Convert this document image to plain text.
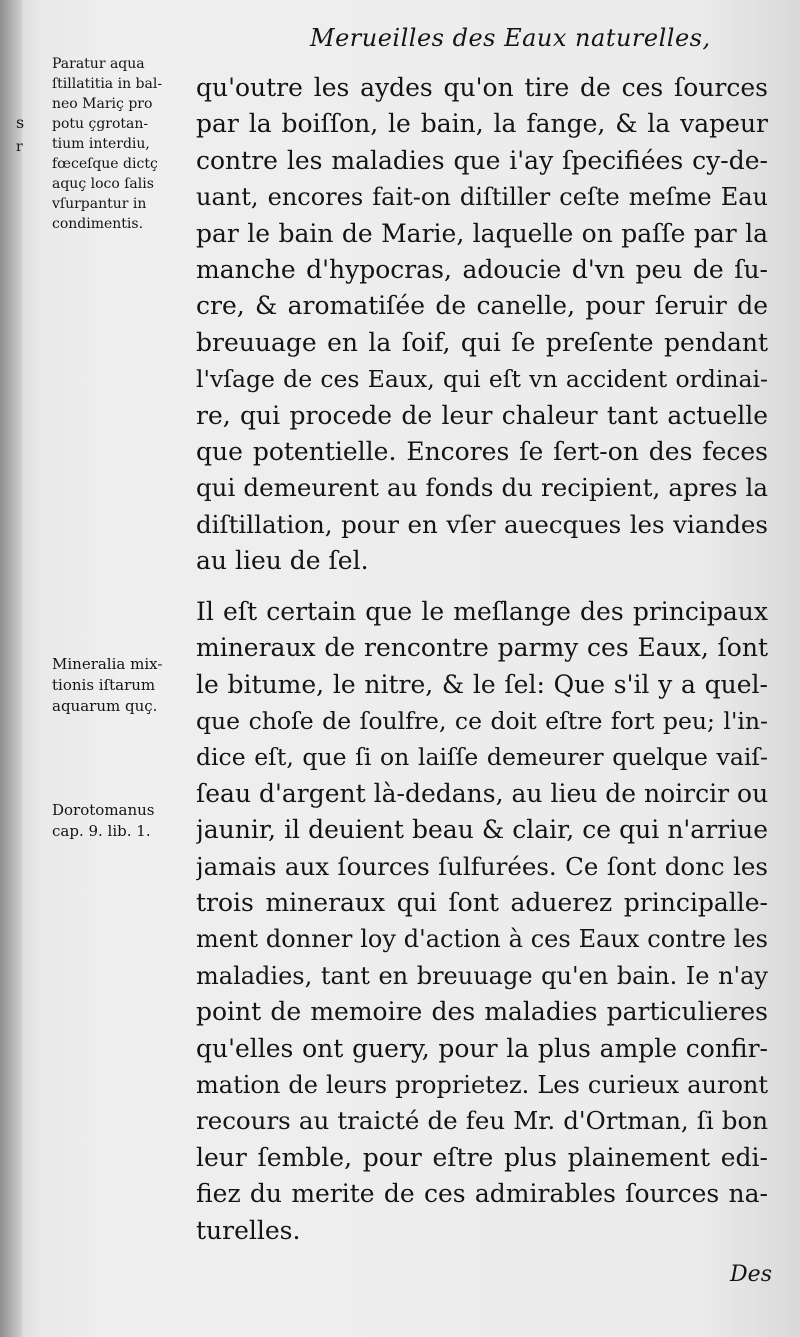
Merueilles des Eaux naturelles,
s
r
Paratur aqua
ſtillatitia in bal-
neo Mariç pro
potu çgrotan-
tium interdiu,
fœceſque dictç
aquç loco ſalis
vſurpantur in
condimentis.
Mineralia mix-
tionis iſtarum
aquarum quç.
Dorotomanus
cap. 9. lib. 1.
qu'outre les aydes qu'on tire de ces ſources
par la boiſſon, le bain, la fange, & la vapeur
contre les maladies que i'ay ſpecifiées cy-de-
uant, encores fait-on diſtiller ceſte meſme Eau
par le bain de Marie, laquelle on paſſe par la
manche d'hypocras, adoucie d'vn peu de ſu-
cre, & aromatiſée de canelle, pour ſeruir de
breuuage en la ſoif, qui ſe preſente pendant
l'vſage de ces Eaux, qui eſt vn accident ordinai-
re, qui procede de leur chaleur tant actuelle
que potentielle. Encores ſe ſert-on des feces
qui demeurent au fonds du recipient, apres la
diſtillation, pour en vſer auecques les viandes
au lieu de ſel.
Il eſt certain que le meſlange des principaux
mineraux de rencontre parmy ces Eaux, ſont
le bitume, le nitre, & le ſel: Que s'il y a quel-
que choſe de ſoulfre, ce doit eſtre fort peu; l'in-
dice eſt, que ſi on laiſſe demeurer quelque vaiſ-
ſeau d'argent là-dedans, au lieu de noircir ou
jaunir, il deuient beau & clair, ce qui n'arriue
jamais aux ſources ſulfurées. Ce ſont donc les
trois mineraux qui ſont aduerez principalle-
ment donner loy d'action à ces Eaux contre les
maladies, tant en breuuage qu'en bain. Ie n'ay
point de memoire des maladies particulieres
qu'elles ont guery, pour la plus ample confir-
mation de leurs proprietez. Les curieux auront
recours au traicté de feu Mr. d'Ortman, ſi bon
leur ſemble, pour eſtre plus plainement edi-
fiez du merite de ces admirables ſources na-
turelles.
Des
